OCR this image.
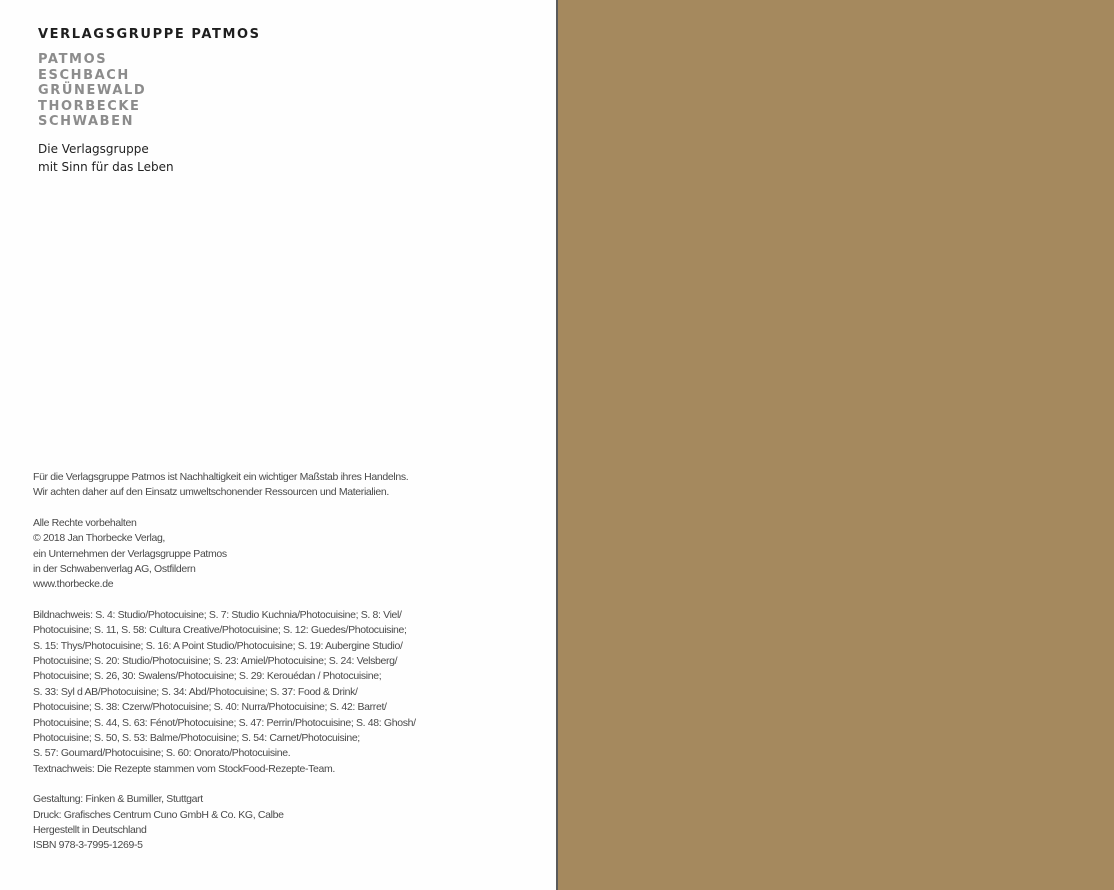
VERLAGSGRUPPE PATMOS
PATMOS
ESCHBACH
GRÜNEWALD
THORBECKE
SCHWABEN
Die Verlagsgruppe
mit Sinn für das Leben
Für die Verlagsgruppe Patmos ist Nachhaltigkeit ein wichtiger Maßstab ihres Handelns.
Wir achten daher auf den Einsatz umweltschonender Ressourcen und Materialien.
Alle Rechte vorbehalten
© 2018 Jan Thorbecke Verlag,
ein Unternehmen der Verlagsgruppe Patmos
in der Schwabenverlag AG, Ostfildern
www.thorbecke.de
Bildnachweis: S. 4: Studio/Photocuisine; S. 7: Studio Kuchnia/Photocuisine; S. 8: Viel/
Photocuisine; S. 11, S. 58: Cultura Creative/Photocuisine; S. 12: Guedes/Photocuisine;
S. 15: Thys/Photocuisine; S. 16: A Point Studio/Photocuisine; S. 19: Aubergine Studio/
Photocuisine; S. 20: Studio/Photocuisine; S. 23: Amiel/Photocuisine; S. 24: Velsberg/
Photocuisine; S. 26, 30: Swalens/Photocuisine; S. 29: Kerouédan / Photocuisine;
S. 33: Syl d AB/Photocuisine; S. 34: Abd/Photocuisine; S. 37: Food & Drink/
Photocuisine; S. 38: Czerw/Photocuisine; S. 40: Nurra/Photocuisine; S. 42: Barret/
Photocuisine; S. 44, S. 63: Fénot/Photocuisine; S. 47: Perrin/Photocuisine; S. 48: Ghosh/
Photocuisine; S. 50, S. 53: Balme/Photocuisine; S. 54: Carnet/Photocuisine;
S. 57: Goumard/Photocuisine; S. 60: Onorato/Photocuisine.
Textnachweis: Die Rezepte stammen vom StockFood-Rezepte-Team.
Gestaltung: Finken & Bumiller, Stuttgart
Druck: Grafisches Centrum Cuno GmbH & Co. KG, Calbe
Hergestellt in Deutschland
ISBN 978-3-7995-1269-5
